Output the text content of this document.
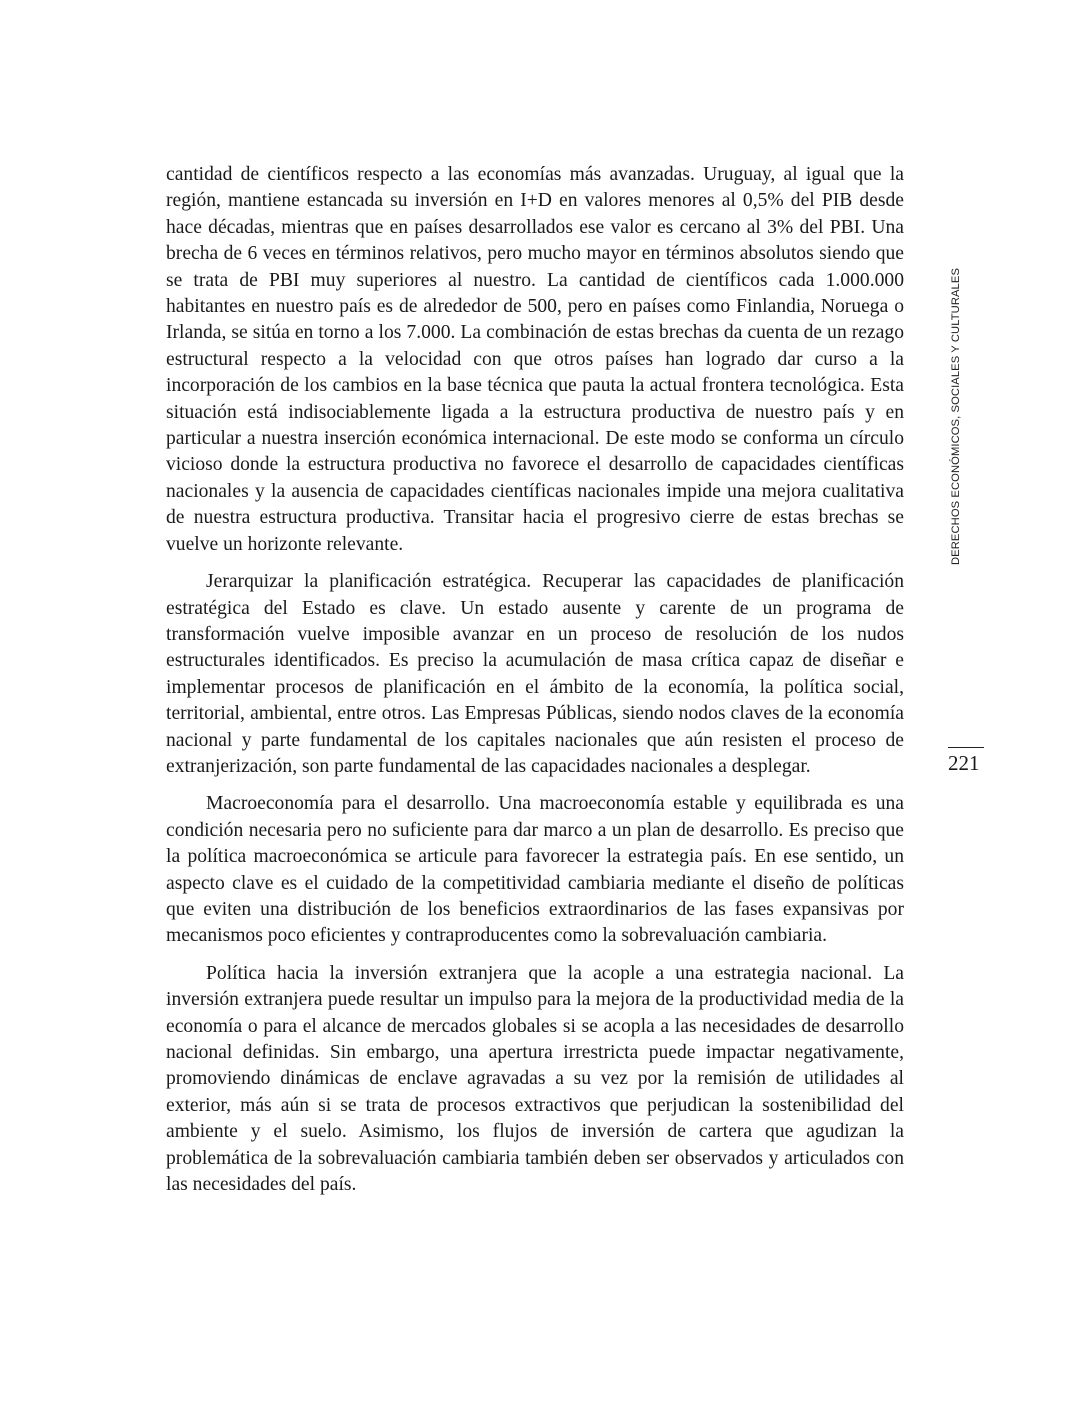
cantidad de científicos respecto a las economías más avanzadas. Uruguay, al igual que la región, mantiene estancada su inversión en I+D en valores menores al 0,5% del PIB desde hace décadas, mientras que en países desarrollados ese valor es cercano al 3% del PBI. Una brecha de 6 veces en términos relativos, pero mucho mayor en términos absolutos siendo que se trata de PBI muy superiores al nuestro. La cantidad de científicos cada 1.000.000 habitantes en nuestro país es de alrededor de 500, pero en países como Finlandia, Noruega o Irlanda, se sitúa en torno a los 7.000. La combinación de estas brechas da cuenta de un rezago estructural respecto a la velocidad con que otros países han logrado dar curso a la incorporación de los cambios en la base técnica que pauta la actual frontera tecnológica. Esta situación está indisociablemente ligada a la estructura productiva de nuestro país y en particular a nuestra inserción económica internacional. De este modo se conforma un círculo vicioso donde la estructura productiva no favorece el desarrollo de capacidades científicas nacionales y la ausencia de capacidades científicas nacionales impide una mejora cualitativa de nuestra estructura productiva. Transitar hacia el progresivo cierre de estas brechas se vuelve un horizonte relevante.

Jerarquizar la planificación estratégica. Recuperar las capacidades de planificación estratégica del Estado es clave. Un estado ausente y carente de un programa de transformación vuelve imposible avanzar en un proceso de resolución de los nudos estructurales identificados. Es preciso la acumulación de masa crítica capaz de diseñar e implementar procesos de planificación en el ámbito de la economía, la política social, territorial, ambiental, entre otros. Las Empresas Públicas, siendo nodos claves de la economía nacional y parte fundamental de los capitales nacionales que aún resisten el proceso de extranjerización, son parte fundamental de las capacidades nacionales a desplegar.

Macroeconomía para el desarrollo. Una macroeconomía estable y equilibrada es una condición necesaria pero no suficiente para dar marco a un plan de desarrollo. Es preciso que la política macroeconómica se articule para favorecer la estrategia país. En ese sentido, un aspecto clave es el cuidado de la competitividad cambiaria mediante el diseño de políticas que eviten una distribución de los beneficios extraordinarios de las fases expansivas por mecanismos poco eficientes y contraproducentes como la sobrevaluación cambiaria.

Política hacia la inversión extranjera que la acople a una estrategia nacional. La inversión extranjera puede resultar un impulso para la mejora de la productividad media de la economía o para el alcance de mercados globales si se acopla a las necesidades de desarrollo nacional definidas. Sin embargo, una apertura irrestricta puede impactar negativamente, promoviendo dinámicas de enclave agravadas a su vez por la remisión de utilidades al exterior, más aún si se trata de procesos extractivos que perjudican la sostenibilidad del ambiente y el suelo. Asimismo, los flujos de inversión de cartera que agudizan la problemática de la sobrevaluación cambiaria también deben ser observados y articulados con las necesidades del país.

DERECHOS ECONÓMICOS, SOCIALES Y CULTURALES
221
